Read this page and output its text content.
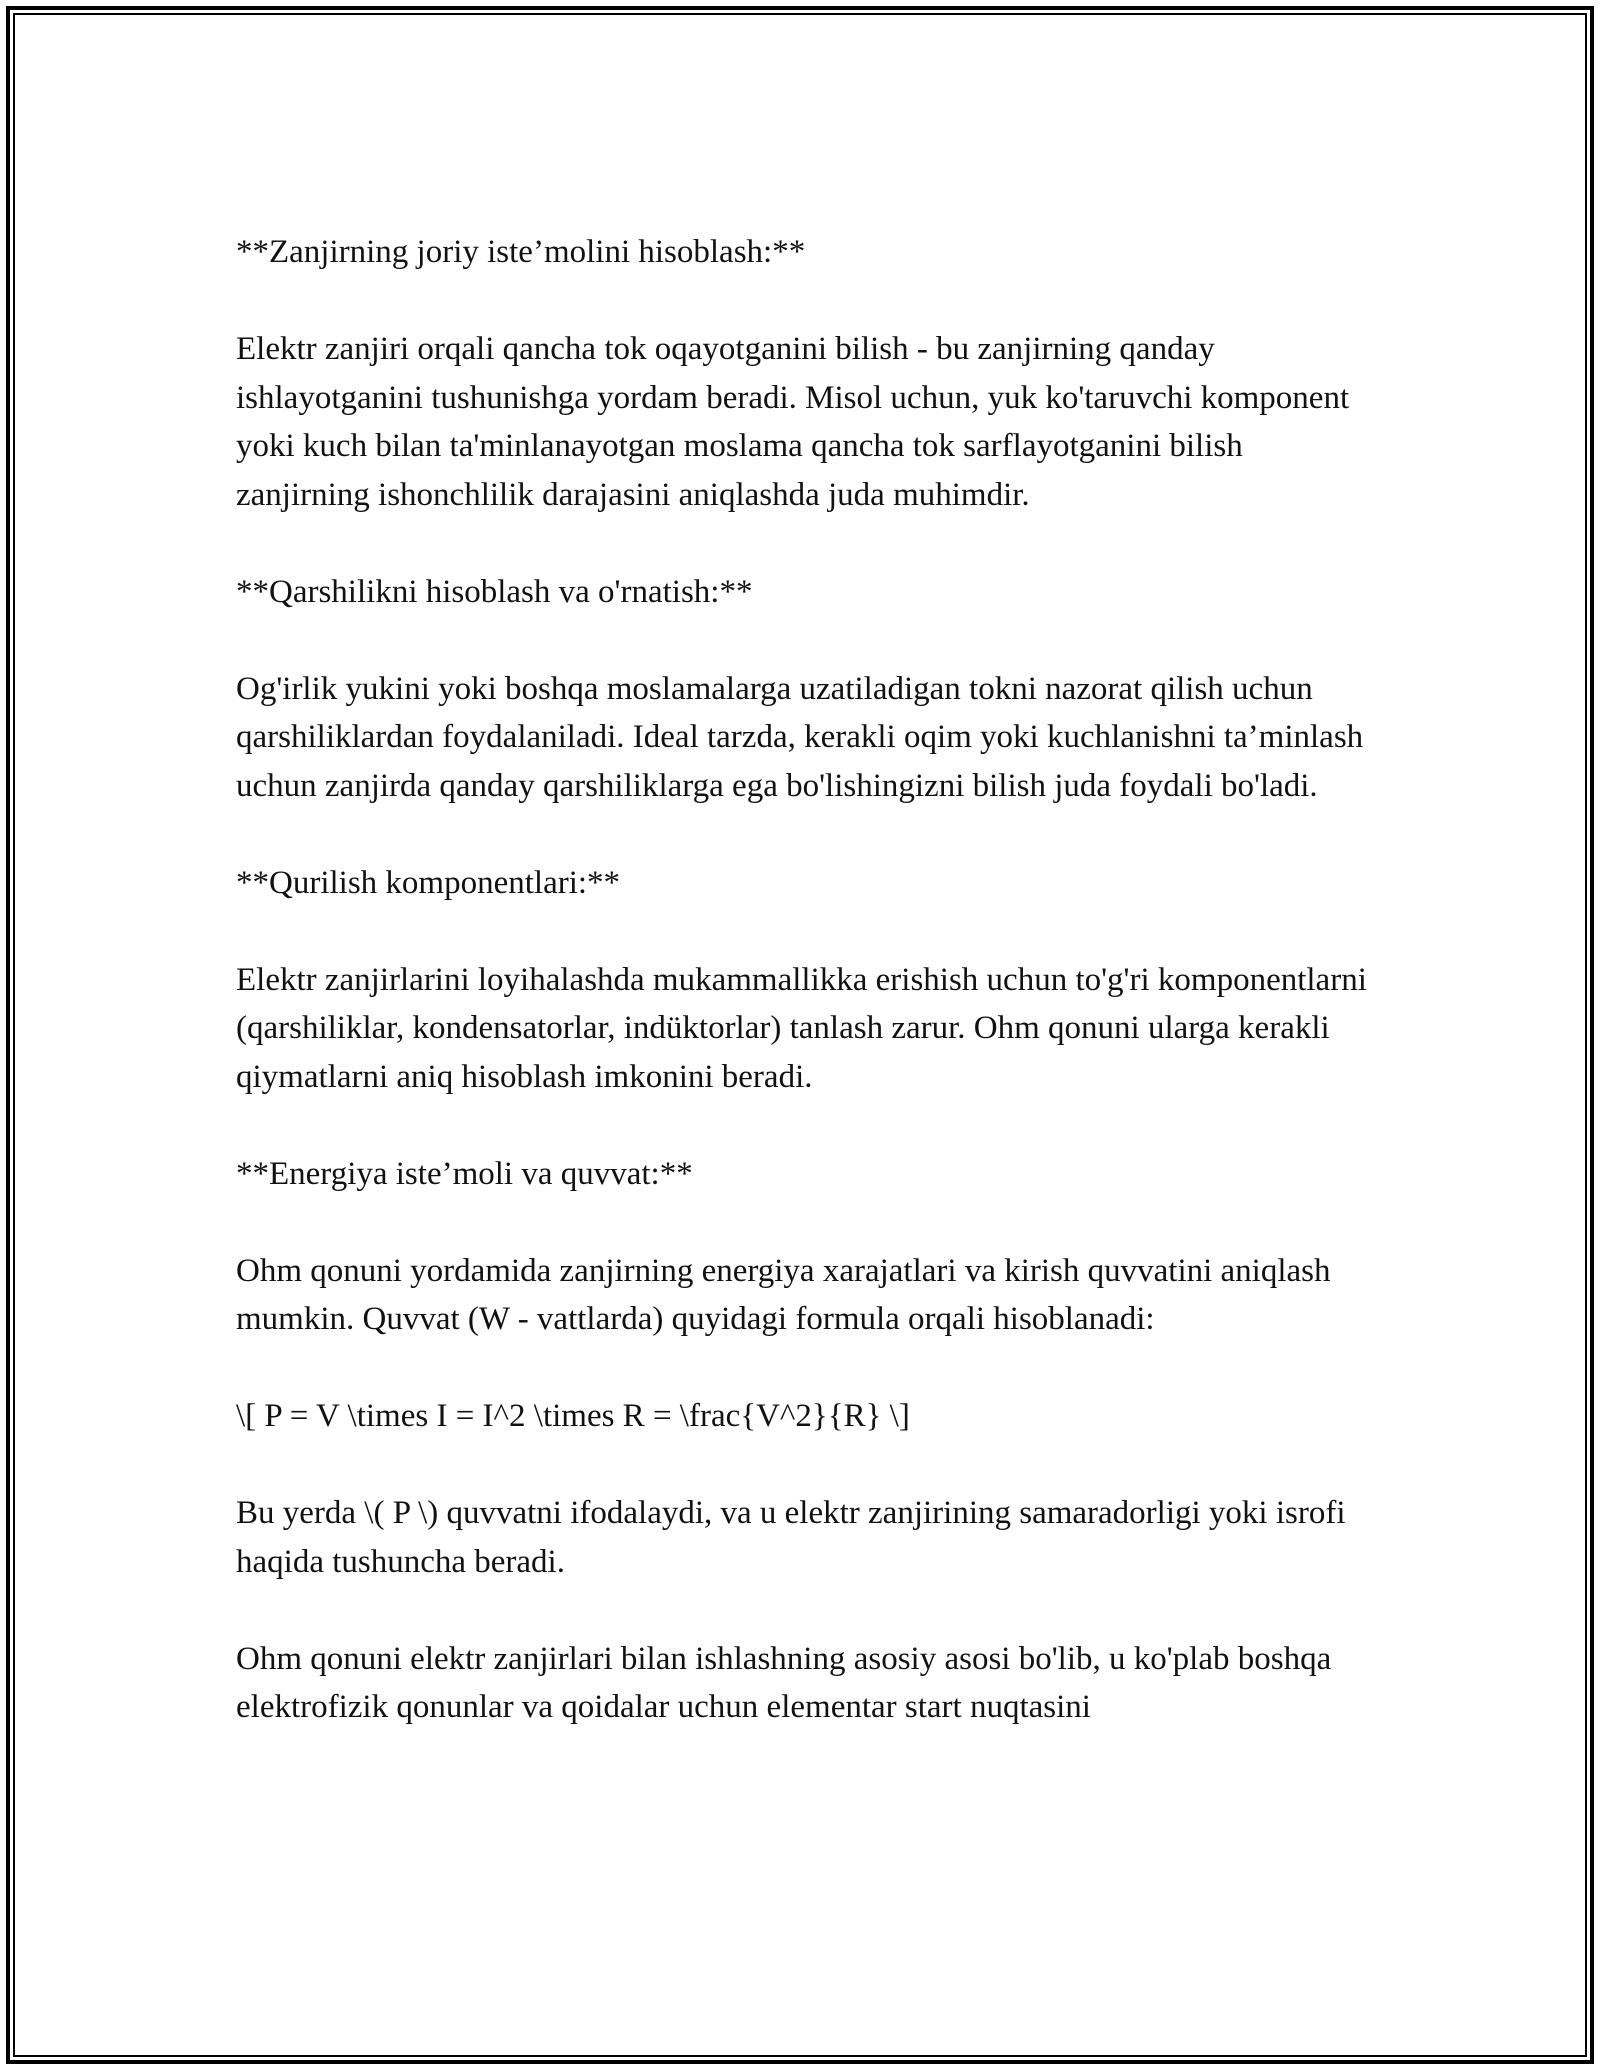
**Zanjirning joriy iste’molini hisoblash:**

Elektr zanjiri orqali qancha tok oqayotganini bilish - bu zanjirning qanday ishlayotganini tushunishga yordam beradi. Misol uchun, yuk ko'taruvchi komponent yoki kuch bilan ta'minlanayotgan moslama qancha tok sarflayotganini bilish zanjirning ishonchlilik darajasini aniqlashda juda muhimdir.

**Qarshilikni hisoblash va o'rnatish:**

Og'irlik yukini yoki boshqa moslamalarga uzatiladigan tokni nazorat qilish uchun qarshiliklardan foydalaniladi. Ideal tarzda, kerakli oqim yoki kuchlanishni ta’minlash uchun zanjirda qanday qarshiliklarga ega bo'lishingizni bilish juda foydali bo'ladi.

**Qurilish komponentlari:**

Elektr zanjirlarini loyihalashda mukammallikka erishish uchun to'g'ri komponentlarni (qarshiliklar, kondensatorlar, indüktorlar) tanlash zarur. Ohm qonuni ularga kerakli qiymatlarni aniq hisoblash imkonini beradi.

**Energiya iste’moli va quvvat:**

Ohm qonuni yordamida zanjirning energiya xarajatlari va kirish quvvatini aniqlash mumkin. Quvvat (W - vattlarda) quyidagi formula orqali hisoblanadi:

\[ P = V \times I = I^2 \times R = \frac{V^2}{R} \]

Bu yerda \( P \) quvvatni ifodalaydi, va u elektr zanjirining samaradorligi yoki isrofi haqida tushuncha beradi.

Ohm qonuni elektr zanjirlari bilan ishlashning asosiy asosi bo'lib, u ko'plab boshqa elektrofizik qonunlar va qoidalar uchun elementar start nuqtasini
